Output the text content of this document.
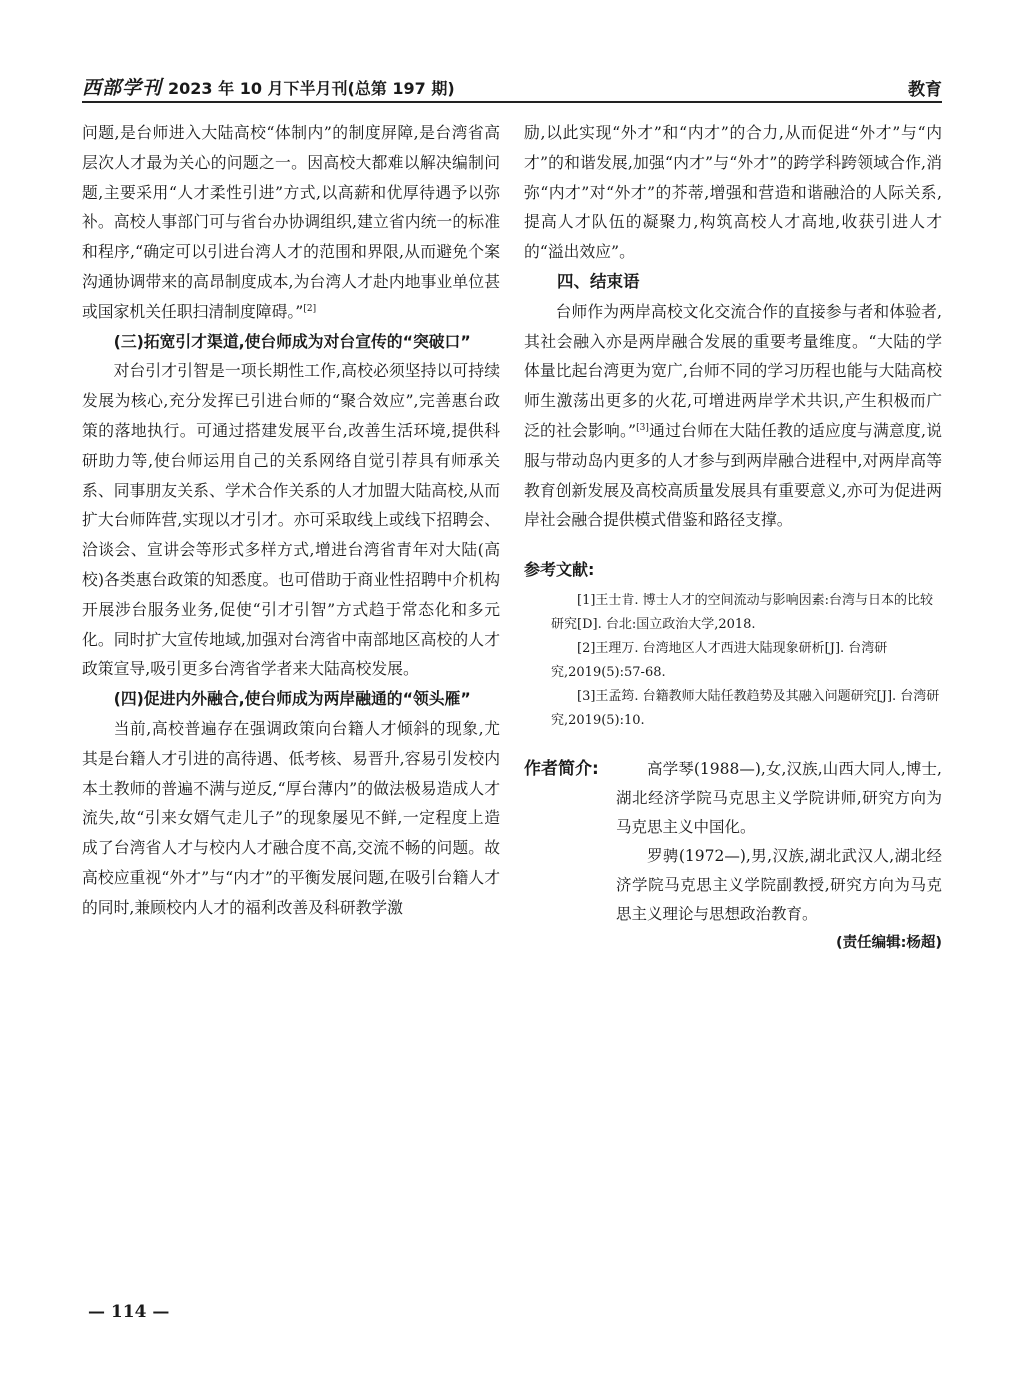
西部学刊 2023 年 10 月下半月刊(总第 197 期)	教育

问题,是台师进入大陆高校“体制内”的制度屏障,是台湾省高层次人才最为关心的问题之一。因高校大都难以解决编制问题,主要采用“人才柔性引进”方式,以高薪和优厚待遇予以弥补。高校人事部门可与省台办协调组织,建立省内统一的标准和程序,“确定可以引进台湾人才的范围和界限,从而避免个案沟通协调带来的高昂制度成本,为台湾人才赴内地事业单位甚或国家机关任职扫清制度障碍。”[2]

(三)拓宽引才渠道,使台师成为对台宣传的“突破口”

对台引才引智是一项长期性工作,高校必须坚持以可持续发展为核心,充分发挥已引进台师的“聚合效应”,完善惠台政策的落地执行。可通过搭建发展平台,改善生活环境,提供科研助力等,使台师运用自己的关系网络自觉引荐具有师承关系、同事朋友关系、学术合作关系的人才加盟大陆高校,从而扩大台师阵营,实现以才引才。亦可采取线上或线下招聘会、洽谈会、宣讲会等形式多样方式,增进台湾省青年对大陆(高校)各类惠台政策的知悉度。也可借助于商业性招聘中介机构开展涉台服务业务,促使“引才引智”方式趋于常态化和多元化。同时扩大宣传地域,加强对台湾省中南部地区高校的人才政策宣导,吸引更多台湾省学者来大陆高校发展。

(四)促进内外融合,使台师成为两岸融通的“领头雁”

当前,高校普遍存在强调政策向台籍人才倾斜的现象,尤其是台籍人才引进的高待遇、低考核、易晋升,容易引发校内本土教师的普遍不满与逆反,“厚台薄内”的做法极易造成人才流失,故“引来女婿气走儿子”的现象屡见不鲜,一定程度上造成了台湾省人才与校内人才融合度不高,交流不畅的问题。故高校应重视“外才”与“内才”的平衡发展问题,在吸引台籍人才的同时,兼顾校内人才的福利改善及科研教学激

励,以此实现“外才”和“内才”的合力,从而促进“外才”与“内才”的和谐发展,加强“内才”与“外才”的跨学科跨领域合作,消弥“内才”对“外才”的芥蒂,增强和营造和谐融洽的人际关系,提高人才队伍的凝聚力,构筑高校人才高地,收获引进人才的“溢出效应”。

四、结束语

台师作为两岸高校文化交流合作的直接参与者和体验者,其社会融入亦是两岸融合发展的重要考量维度。“大陆的学体量比起台湾更为宽广,台师不同的学习历程也能与大陆高校师生激荡出更多的火花,可增进两岸学术共识,产生积极而广泛的社会影响。”[3]通过台师在大陆任教的适应度与满意度,说服与带动岛内更多的人才参与到两岸融合进程中,对两岸高等教育创新发展及高校高质量发展具有重要意义,亦可为促进两岸社会融合提供模式借鉴和路径支撑。

参考文献:

[1]王士肯. 博士人才的空间流动与影响因素:台湾与日本的比较研究[D]. 台北:国立政治大学,2018.

[2]王理万. 台湾地区人才西进大陆现象研析[J]. 台湾研究,2019(5):57-68.

[3]王孟筠. 台籍教师大陆任教趋势及其融入问题研究[J]. 台湾研究,2019(5):10.

作者简介:	高学琴(1988—),女,汉族,山西大同人,博士,湖北经济学院马克思主义学院讲师,研究方向为马克思主义中国化。

罗骋(1972—),男,汉族,湖北武汉人,湖北经济学院马克思主义学院副教授,研究方向为马克思主义理论与思想政治教育。

(责任编辑:杨超)
— 114 —
